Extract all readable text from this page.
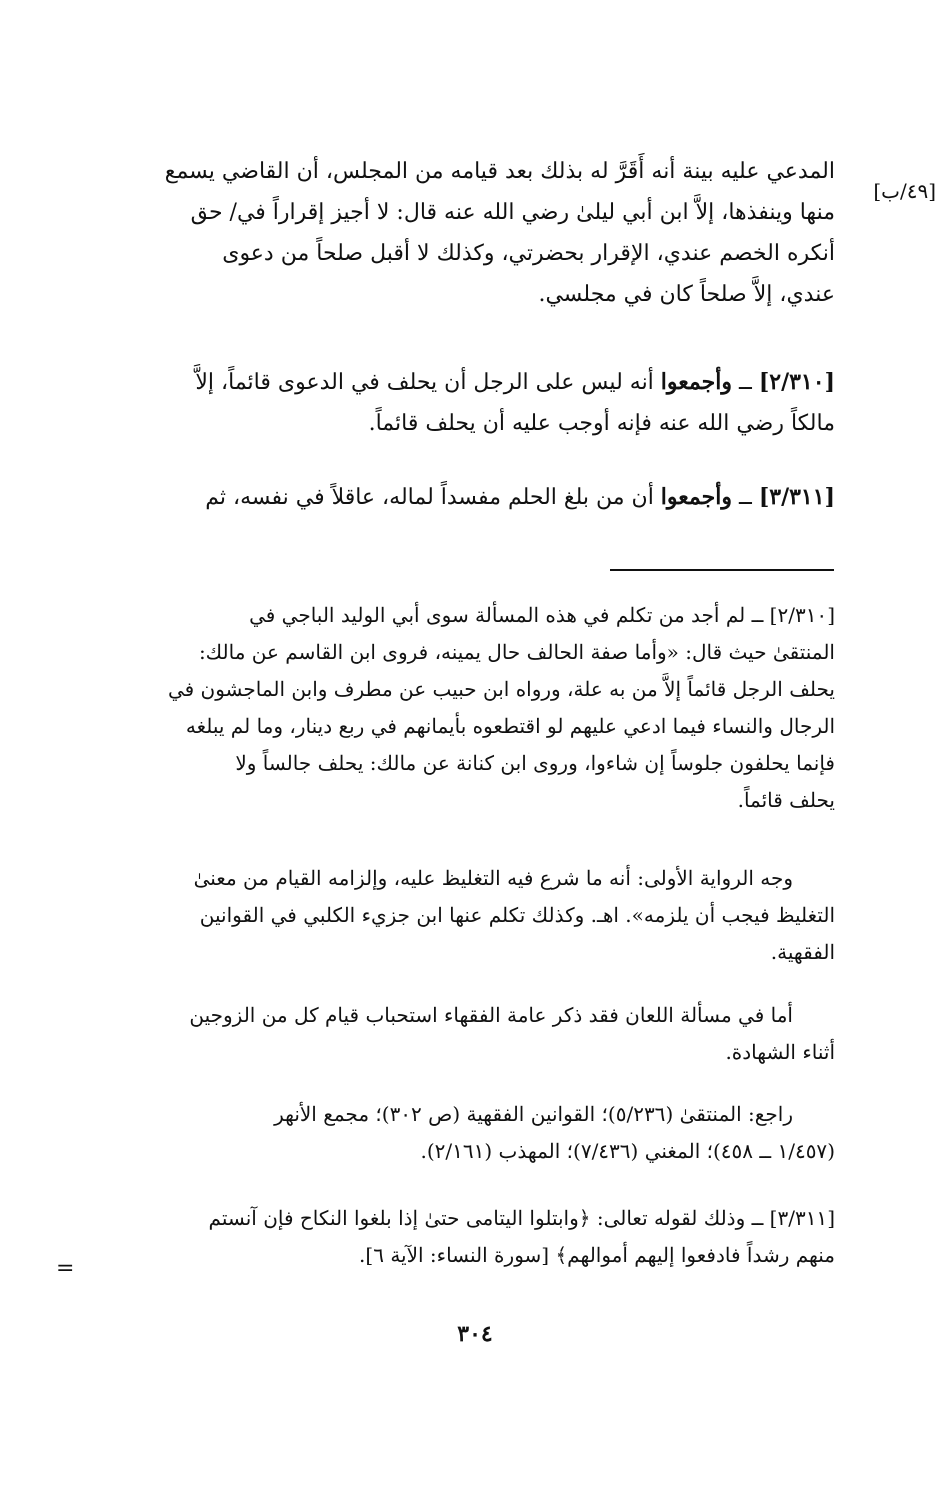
[٤٩/ب]
المدعي عليه بينة أنه أَقَرَّ له بذلك بعد قيامه من المجلس، أن القاضي يسمع
منها وينفذها، إلاَّ ابن أبي ليلىٰ رضي الله عنه قال: لا أجيز إقراراً في/ حق
أنكره الخصم عندي، الإقرار بحضرتي، وكذلك لا أقبل صلحاً من دعوى
عندي، إلاَّ صلحاً كان في مجلسي.
[٢/٣١٠] ــ وأجمعوا أنه ليس على الرجل أن يحلف في الدعوى قائماً، إلاَّ
مالكاً رضي الله عنه فإنه أوجب عليه أن يحلف قائماً.
[٣/٣١١] ــ وأجمعوا أن من بلغ الحلم مفسداً لماله، عاقلاً في نفسه، ثم
[٢/٣١٠] ــ لم أجد من تكلم في هذه المسألة سوى أبي الوليد الباجي في
المنتقىٰ حيث قال: «وأما صفة الحالف حال يمينه، فروى ابن القاسم عن مالك:
يحلف الرجل قائماً إلاَّ من به علة، ورواه ابن حبيب عن مطرف وابن الماجشون في
الرجال والنساء فيما ادعي عليهم لو اقتطعوه بأيمانهم في ربع دينار، وما لم يبلغه
فإنما يحلفون جلوساً إن شاءوا، وروى ابن كنانة عن مالك: يحلف جالساً ولا
يحلف قائماً.
وجه الرواية الأولى: أنه ما شرع فيه التغليظ عليه، وإلزامه القيام من معنىٰ
التغليظ فيجب أن يلزمه». اهـ. وكذلك تكلم عنها ابن جزيء الكلبي في القوانين
الفقهية.
أما في مسألة اللعان فقد ذكر عامة الفقهاء استحباب قيام كل من الزوجين
أثناء الشهادة.
راجع: المنتقىٰ (٥/٢٣٦)؛ القوانين الفقهية (ص ٣٠٢)؛ مجمع الأنهر
(١/٤٥٧ ــ ٤٥٨)؛ المغني (٧/٤٣٦)؛ المهذب (٢/١٦١).
[٣/٣١١] ــ وذلك لقوله تعالى: ﴿وابتلوا اليتامى حتىٰ إذا بلغوا النكاح فإن آنستم
منهم رشداً فادفعوا إليهم أموالهم﴾ [سورة النساء: الآية ٦].
=
٣٠٤
